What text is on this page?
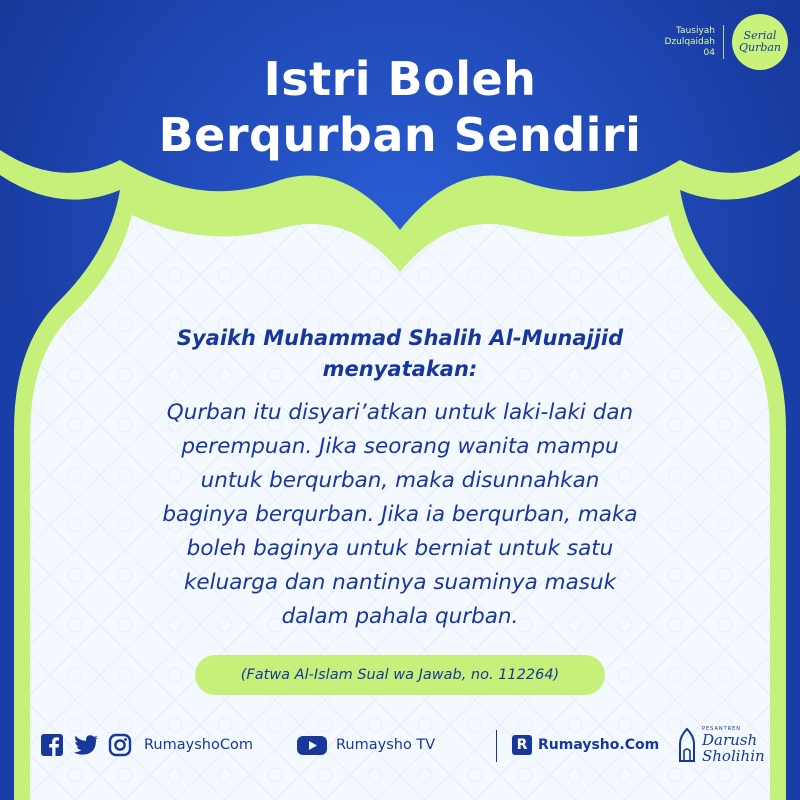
Tausiyah
Dzulqaidah
04
Serial
Qurban
Istri Boleh
Berqurban Sendiri
Syaikh Muhammad Shalih Al-Munajjid
menyatakan:
Qurban itu disyari’atkan untuk laki-laki dan
perempuan. Jika seorang wanita mampu
untuk berqurban, maka disunnahkan
baginya berqurban. Jika ia berqurban, maka
boleh baginya untuk berniat untuk satu
keluarga dan nantinya suaminya masuk
dalam pahala qurban.
(Fatwa Al-Islam Sual wa Jawab, no. 112264)
RumayshoCom	Rumaysho TV	R Rumaysho.Com
PESANTREN
Darush
Sholihin
